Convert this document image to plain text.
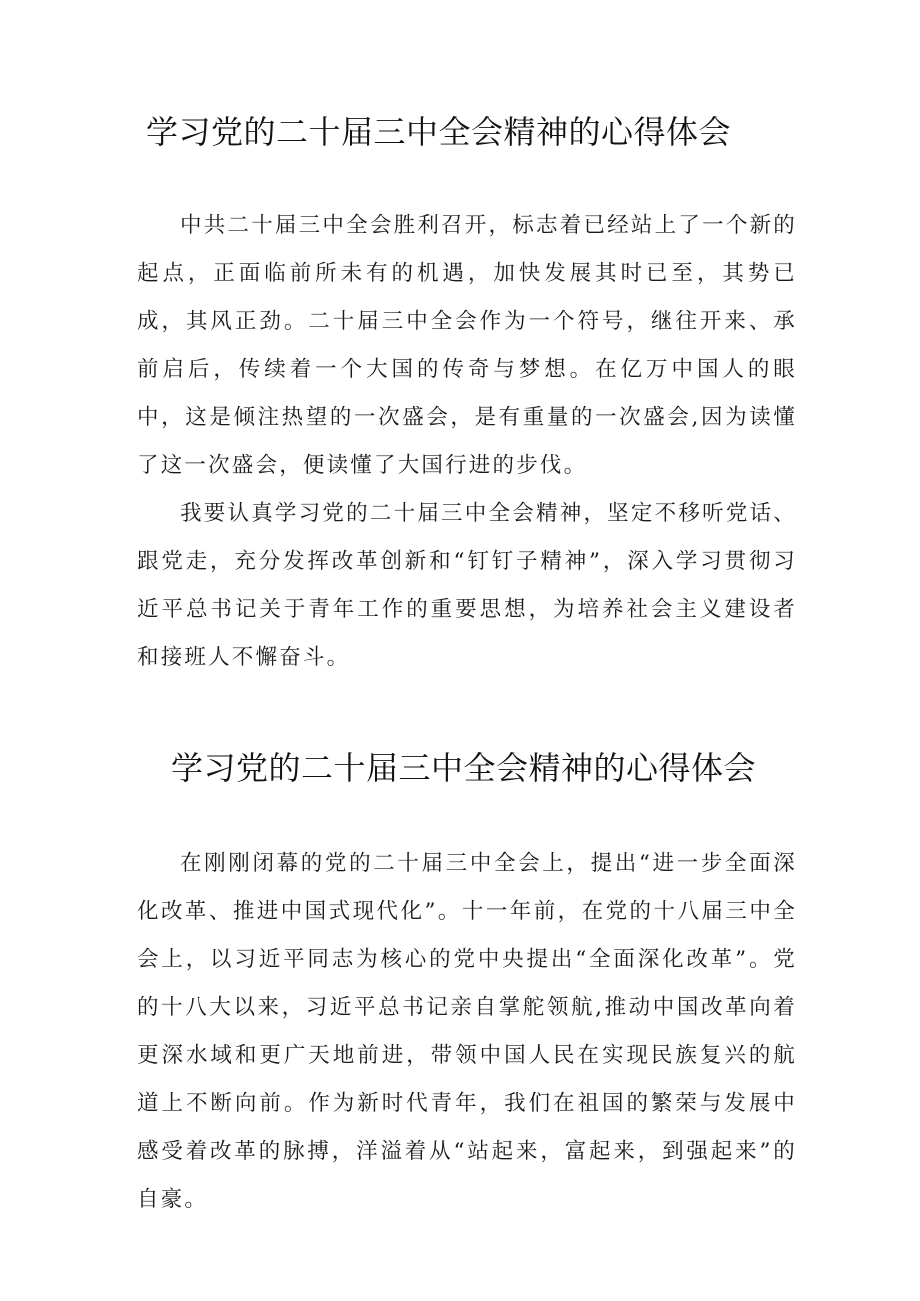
学习党的二十届三中全会精神的心得体会

中共二十届三中全会胜利召开，标志着已经站上了一个新的起点，正面临前所未有的机遇，加快发展其时已至，其势已成，其风正劲。二十届三中全会作为一个符号，继往开来、承前启后，传续着一个大国的传奇与梦想。在亿万中国人的眼中，这是倾注热望的一次盛会，是有重量的一次盛会,因为读懂了这一次盛会，便读懂了大国行进的步伐。

我要认真学习党的二十届三中全会精神，坚定不移听党话、跟党走，充分发挥改革创新和“钉钉子精神”，深入学习贯彻习近平总书记关于青年工作的重要思想，为培养社会主义建设者和接班人不懈奋斗。

学习党的二十届三中全会精神的心得体会

在刚刚闭幕的党的二十届三中全会上，提出“进一步全面深化改革、推进中国式现代化”。十一年前，在党的十八届三中全会上，以习近平同志为核心的党中央提出“全面深化改革”。党的十八大以来，习近平总书记亲自掌舵领航,推动中国改革向着更深水域和更广天地前进，带领中国人民在实现民族复兴的航道上不断向前。作为新时代青年，我们在祖国的繁荣与发展中感受着改革的脉搏，洋溢着从“站起来，富起来，到强起来”的自豪。
